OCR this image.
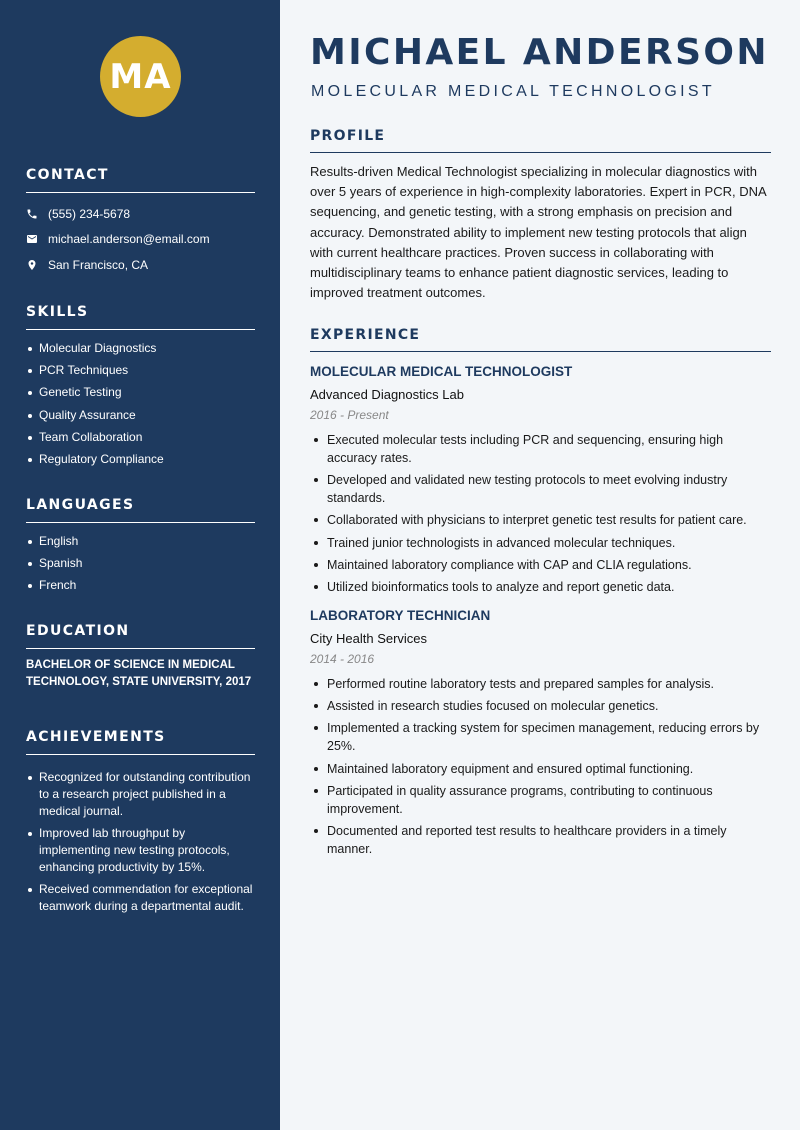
MA
CONTACT
(555) 234-5678
michael.anderson@email.com
San Francisco, CA
SKILLS
Molecular Diagnostics
PCR Techniques
Genetic Testing
Quality Assurance
Team Collaboration
Regulatory Compliance
LANGUAGES
English
Spanish
French
EDUCATION
BACHELOR OF SCIENCE IN MEDICAL
TECHNOLOGY, STATE UNIVERSITY, 2017
ACHIEVEMENTS
Recognized for outstanding contribution to a research project published in a medical journal.
Improved lab throughput by implementing new testing protocols, enhancing productivity by 15%.
Received commendation for exceptional teamwork during a departmental audit.
MICHAEL ANDERSON
MOLECULAR MEDICAL TECHNOLOGIST
PROFILE

Results-driven Medical Technologist specializing in molecular diagnostics with over 5 years of experience in high-complexity laboratories. Expert in PCR, DNA sequencing, and genetic testing, with a strong emphasis on precision and accuracy. Demonstrated ability to implement new testing protocols that align with current healthcare practices. Proven success in collaborating with multidisciplinary teams to enhance patient diagnostic services, leading to improved treatment outcomes.

EXPERIENCE
MOLECULAR MEDICAL TECHNOLOGIST
Advanced Diagnostics Lab
2016 - Present
Executed molecular tests including PCR and sequencing, ensuring high accuracy rates.
Developed and validated new testing protocols to meet evolving industry standards.
Collaborated with physicians to interpret genetic test results for patient care.
Trained junior technologists in advanced molecular techniques.
Maintained laboratory compliance with CAP and CLIA regulations.
Utilized bioinformatics tools to analyze and report genetic data.
LABORATORY TECHNICIAN
City Health Services
2014 - 2016
Performed routine laboratory tests and prepared samples for analysis.
Assisted in research studies focused on molecular genetics.
Implemented a tracking system for specimen management, reducing errors by 25%.
Maintained laboratory equipment and ensured optimal functioning.
Participated in quality assurance programs, contributing to continuous improvement.
Documented and reported test results to healthcare providers in a timely manner.
